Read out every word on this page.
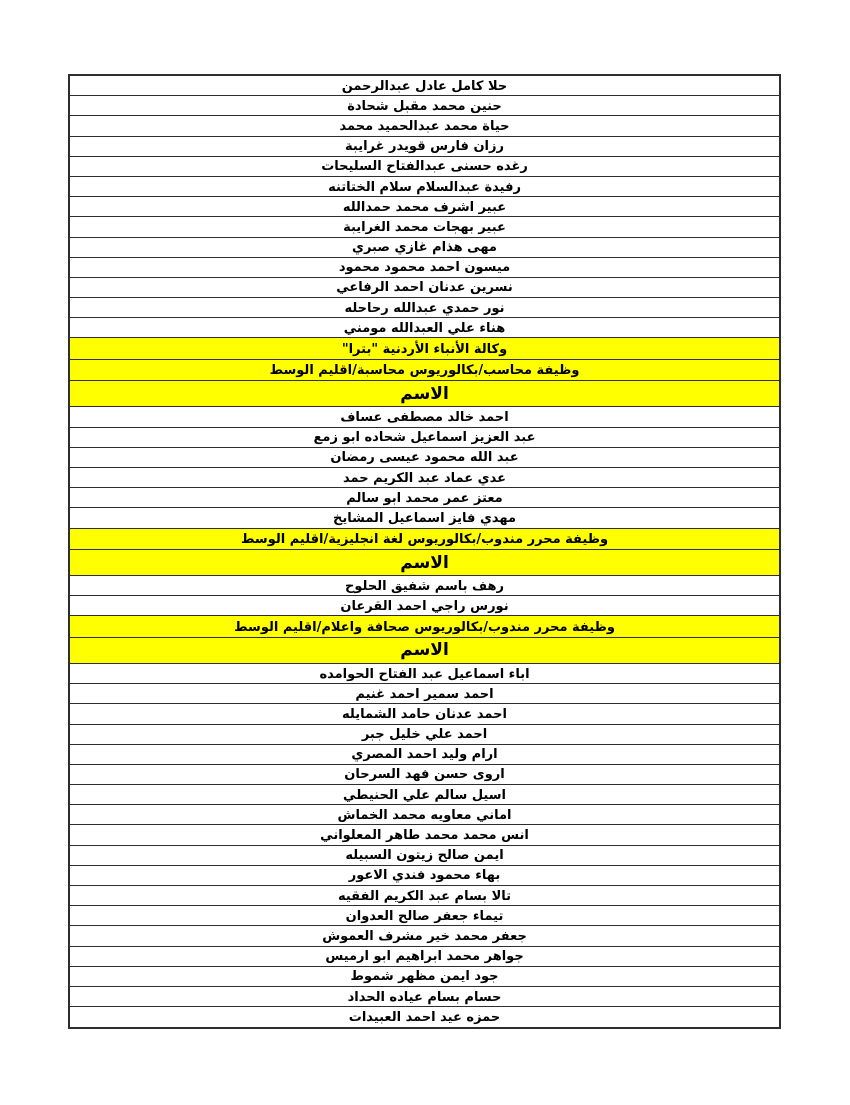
حلا كامل عادل عبدالرحمن
حنين محمد مقبل شحادة
حياة محمد عبدالحميد محمد
رزان فارس قويدر غرايبة
رغده حسنى عبدالفتاح السليحات
رفيدة عبدالسلام سلام الختاتنه
عبير اشرف محمد حمدالله
عبير بهجات محمد الغرايبة
مهى هذام غازي صبري
ميسون احمد محمود محمود
نسرين عدنان احمد الرفاعي
نور حمدي عبدالله رحاحله
هناء علي العبدالله مومني
وكالة الأنباء الأردنية "بترا"
وظيفة محاسب/بكالوريوس محاسبة/اقليم الوسط
الاسم
احمد خالد مصطفى عساف
عبد العزيز اسماعيل شحاده ابو زمع
عبد الله محمود عيسى رمضان
عدي عماد عبد الكريم حمد
معتز عمر محمد ابو سالم
مهدي فايز اسماعيل المشايخ
وظيفة محرر مندوب/بكالوريوس لغة انجليزية/اقليم الوسط
الاسم
رهف باسم شفيق الحلوح
نورس راجي احمد القرعان
وظيفة محرر مندوب/بكالوريوس صحافة واعلام/اقليم الوسط
الاسم
اباء اسماعيل عبد الفتاح الحوامده
احمد سمير احمد غنيم
احمد عدنان حامد الشمايله
احمد علي خليل جبر
ارام وليد احمد المصري
اروى حسن فهد السرحان
اسيل سالم علي الحنيطي
اماني معاويه محمد الخماش
انس محمد محمد طاهر المعلواني
ايمن صالح زيتون السبيله
بهاء محمود فندي الاعور
تالا بسام عبد الكريم الفقيه
تيماء جعفر صالح العدوان
جعفر محمد خير مشرف العموش
جواهر محمد ابراهيم ابو ارميس
جود ايمن مظهر شموط
حسام بسام عياده الحداد
حمزه عيد احمد العبيدات
